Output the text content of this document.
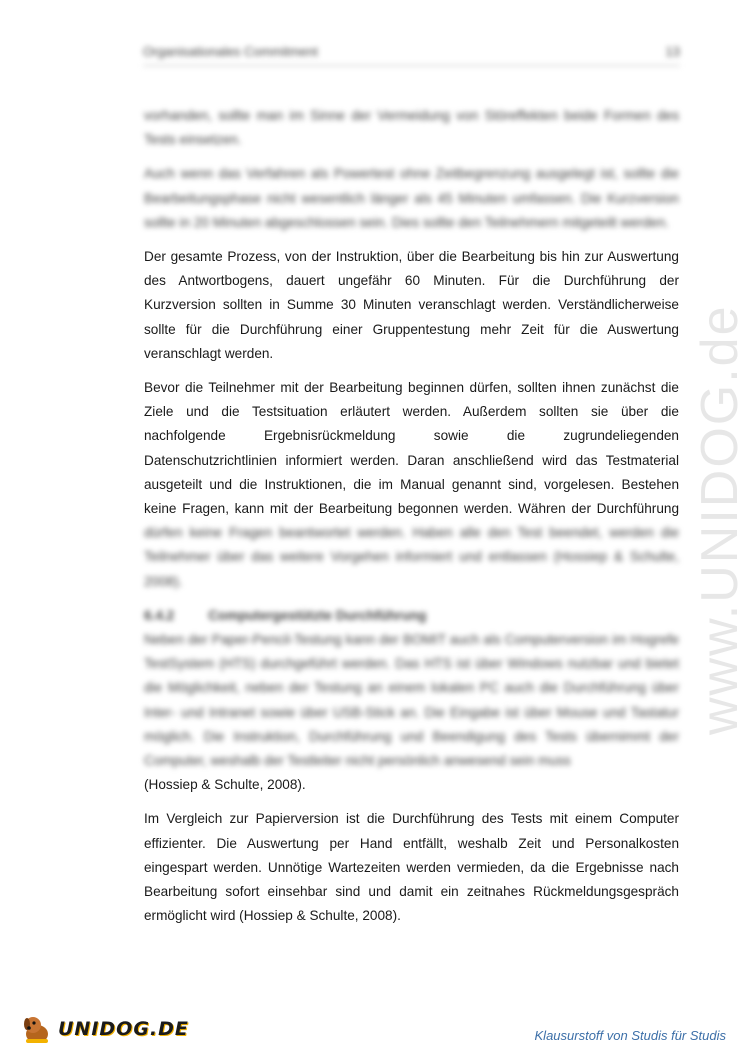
Organisationales Commitment	13
www.UNIDOG.de

vorhanden, sollte man im Sinne der Vermeidung von Störeffekten beide Formen des Tests einsetzen.

Auch wenn das Verfahren als Powertest ohne Zeitbegrenzung ausgelegt ist, sollte die Bearbeitungsphase nicht wesentlich länger als 45 Minuten umfassen. Die Kurzversion sollte in 20 Minuten abgeschlossen sein. Dies sollte den Teilnehmern mitgeteilt werden.

Der gesamte Prozess, von der Instruktion, über die Bearbeitung bis hin zur Auswertung
des Antwortbogens, dauert ungefähr 60 Minuten. Für die Durchführung der
Kurzversion sollten in Summe 30 Minuten veranschlagt werden. Verständlicherweise
sollte für die Durchführung einer Gruppentestung mehr Zeit für die Auswertung
veranschlagt werden.

Bevor die Teilnehmer mit der Bearbeitung beginnen dürfen, sollten ihnen zunächst die
Ziele und die Testsituation erläutert werden. Außerdem sollten sie über die
nachfolgende Ergebnisrückmeldung sowie die zugrundeliegenden
Datenschutzrichtlinien informiert werden. Daran anschließend wird das Testmaterial
ausgeteilt und die Instruktionen, die im Manual genannt sind, vorgelesen. Bestehen
keine Fragen, kann mit der Bearbeitung begonnen werden. Währen der Durchführung

dürfen keine Fragen beantwortet werden. Haben alle den Test beendet, werden die Teilnehmer über das weitere Vorgehen informiert und entlassen (Hossiep & Schulte, 2008).

6.4.2	Computergestützte Durchführung

Neben der Paper-Pencil-Testung kann der BOMIT auch als Computerversion im Hogrefe TestSystem (HTS) durchgeführt werden. Das HTS ist über Windows nutzbar und bietet die Möglichkeit, neben der Testung an einem lokalen PC auch die Durchführung über Inter- und Intranet sowie über USB-Stick an. Die Eingabe ist über Mouse und Tastatur möglich. Die Instruktion, Durchführung und Beendigung des Tests übernimmt der Computer, weshalb der Testleiter nicht persönlich anwesend sein muss

(Hossiep & Schulte, 2008).

Im Vergleich zur Papierversion ist die Durchführung des Tests mit einem Computer
effizienter. Die Auswertung per Hand entfällt, weshalb Zeit und Personalkosten
eingespart werden. Unnötige Wartezeiten werden vermieden, da die Ergebnisse nach
Bearbeitung sofort einsehbar sind und damit ein zeitnahes Rückmeldungsgespräch
ermöglicht wird (Hossiep & Schulte, 2008).

UNIDOG.DE	Klausurstoff von Studis für Studis
